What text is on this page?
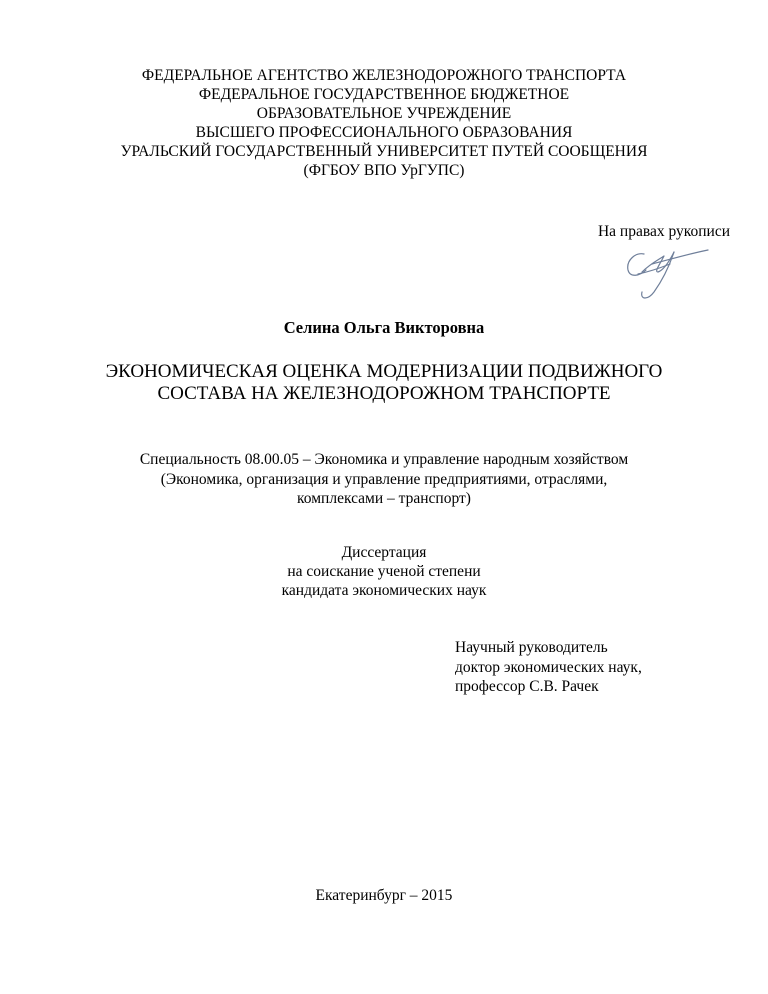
ФЕДЕРАЛЬНОЕ АГЕНТСТВО ЖЕЛЕЗНОДОРОЖНОГО ТРАНСПОРТА
ФЕДЕРАЛЬНОЕ ГОСУДАРСТВЕННОЕ БЮДЖЕТНОЕ
ОБРАЗОВАТЕЛЬНОЕ УЧРЕЖДЕНИЕ
ВЫСШЕГО ПРОФЕССИОНАЛЬНОГО ОБРАЗОВАНИЯ
УРАЛЬСКИЙ ГОСУДАРСТВЕННЫЙ УНИВЕРСИТЕТ ПУТЕЙ СООБЩЕНИЯ
(ФГБОУ ВПО УрГУПС)
На правах рукописи
Селина Ольга Викторовна
ЭКОНОМИЧЕСКАЯ ОЦЕНКА МОДЕРНИЗАЦИИ ПОДВИЖНОГО
СОСТАВА НА ЖЕЛЕЗНОДОРОЖНОМ ТРАНСПОРТЕ
Специальность 08.00.05 – Экономика и управление народным хозяйством
(Экономика, организация и управление предприятиями, отраслями,
комплексами – транспорт)
Диссертация
на соискание ученой степени
кандидата экономических наук
Научный руководитель
доктор экономических наук,
профессор С.В. Рачек
Екатеринбург – 2015
